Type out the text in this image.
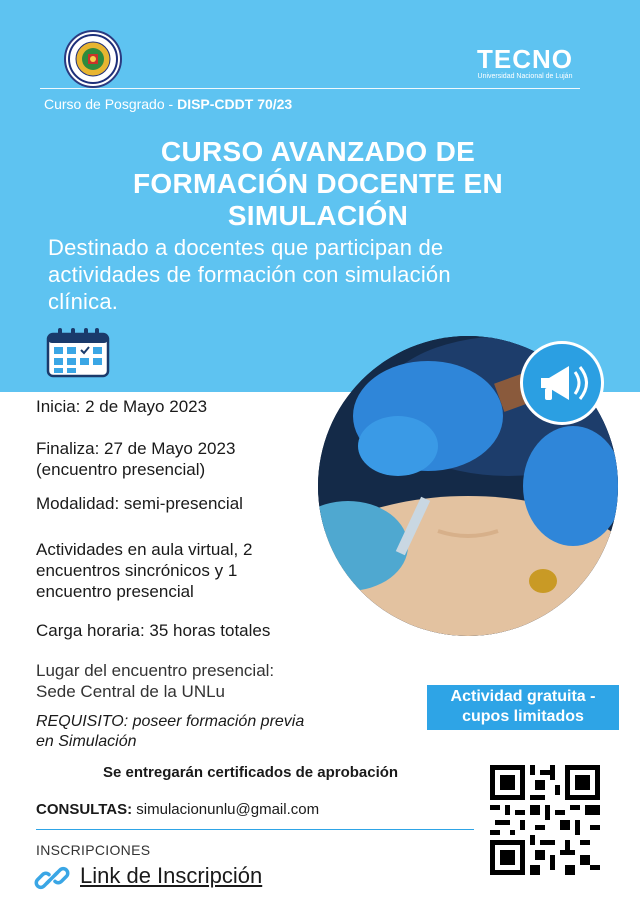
TECNO
Universidad Nacional de Luján
Curso de Posgrado - DISP-CDDT 70/23
CURSO AVANZADO DE
FORMACIÓN DOCENTE EN
SIMULACIÓN
Destinado a docentes que participan de
actividades de formación con simulación
clínica.
Inicia: 2 de Mayo 2023
Finaliza: 27 de Mayo 2023
(encuentro presencial)
Modalidad: semi-presencial
Actividades en aula virtual, 2
encuentros sincrónicos y 1
encuentro presencial
Carga horaria: 35 horas totales
Lugar del encuentro presencial:
Sede Central de la UNLu	Actividad gratuita -
cupos limitados
REQUISITO: poseer formación previa
en Simulación
Se entregarán certificados de aprobación
CONSULTAS: simulacionunlu@gmail.com
INSCRIPCIONES
Link de Inscripción
